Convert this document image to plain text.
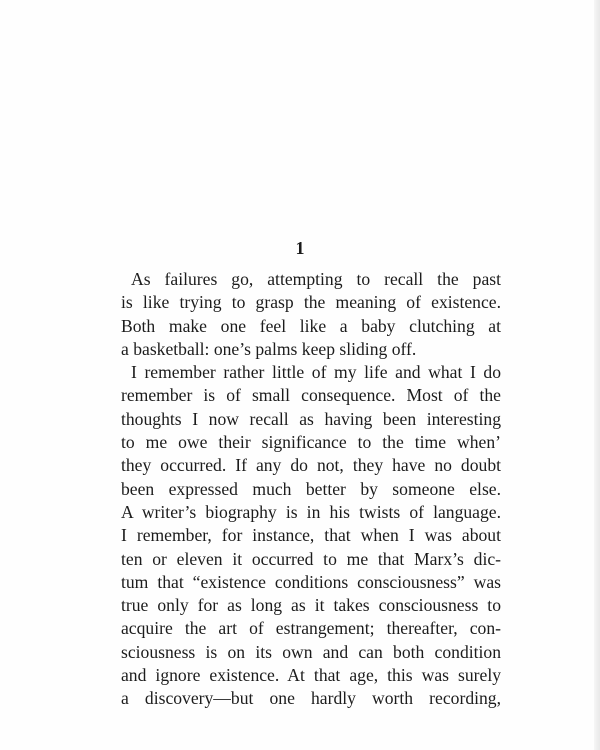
1
As failures go, attempting to recall the past
is like trying to grasp the meaning of existence.
Both make one feel like a baby clutching at
a basketball: one’s palms keep sliding off.
I remember rather little of my life and what I do
remember is of small consequence. Most of the
thoughts I now recall as having been interesting
to me owe their significance to the time when’
they occurred. If any do not, they have no doubt
been expressed much better by someone else.
A writer’s biography is in his twists of language.
I remember, for instance, that when I was about
ten or eleven it occurred to me that Marx’s dic-
tum that “existence conditions consciousness” was
true only for as long as it takes consciousness to
acquire the art of estrangement; thereafter, con-
sciousness is on its own and can both condition
and ignore existence. At that age, this was surely
a discovery—but one hardly worth recording,
